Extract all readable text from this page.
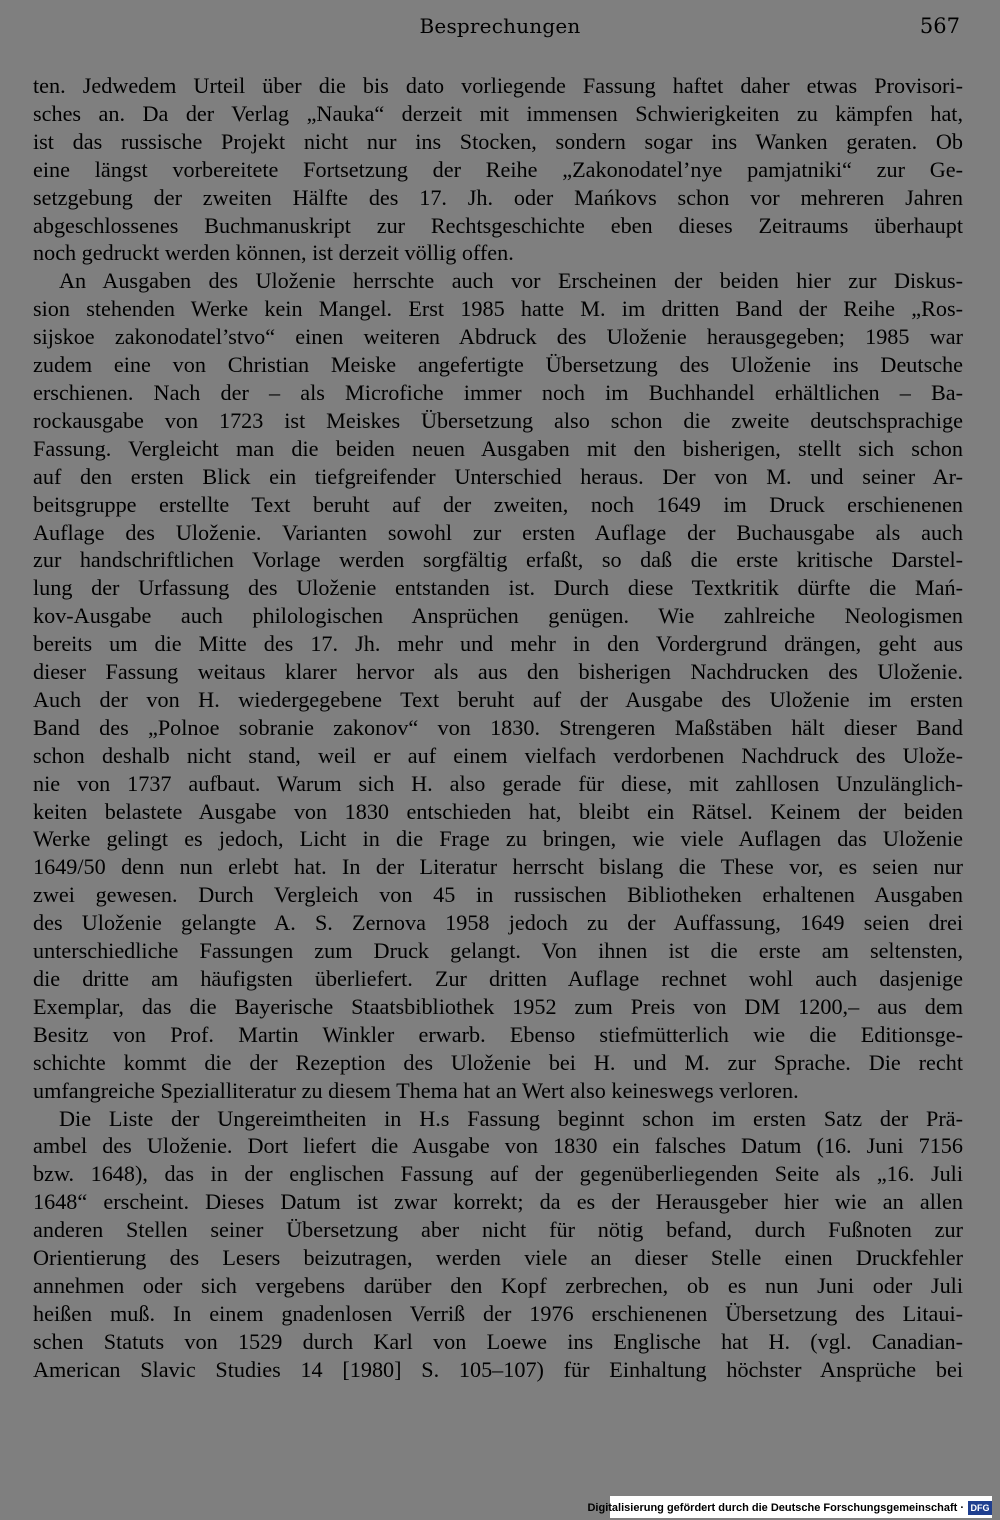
Besprechungen	567
ten. Jedwedem Urteil über die bis dato vorliegende Fassung haftet daher etwas Provisori-
sches an. Da der Verlag „Nauka“ derzeit mit immensen Schwierigkeiten zu kämpfen hat,
ist das russische Projekt nicht nur ins Stocken, sondern sogar ins Wanken geraten. Ob
eine längst vorbereitete Fortsetzung der Reihe „Zakonodatel’nye pamjatniki“ zur Ge-
setzgebung der zweiten Hälfte des 17. Jh. oder Mańkovs schon vor mehreren Jahren
abgeschlossenes Buchmanuskript zur Rechtsgeschichte eben dieses Zeitraums überhaupt
noch gedruckt werden können, ist derzeit völlig offen.
An Ausgaben des Uloženie herrschte auch vor Erscheinen der beiden hier zur Diskus-
sion stehenden Werke kein Mangel. Erst 1985 hatte M. im dritten Band der Reihe „Ros-
sijskoe zakonodatel’stvo“ einen weiteren Abdruck des Uloženie herausgegeben; 1985 war
zudem eine von Christian Meiske angefertigte Übersetzung des Uloženie ins Deutsche
erschienen. Nach der – als Microfiche immer noch im Buchhandel erhältlichen – Ba-
rockausgabe von 1723 ist Meiskes Übersetzung also schon die zweite deutschsprachige
Fassung. Vergleicht man die beiden neuen Ausgaben mit den bisherigen, stellt sich schon
auf den ersten Blick ein tiefgreifender Unterschied heraus. Der von M. und seiner Ar-
beitsgruppe erstellte Text beruht auf der zweiten, noch 1649 im Druck erschienenen
Auflage des Uloženie. Varianten sowohl zur ersten Auflage der Buchausgabe als auch
zur handschriftlichen Vorlage werden sorgfältig erfaßt, so daß die erste kritische Darstel-
lung der Urfassung des Uloženie entstanden ist. Durch diese Textkritik dürfte die Mań-
kov-Ausgabe auch philologischen Ansprüchen genügen. Wie zahlreiche Neologismen
bereits um die Mitte des 17. Jh. mehr und mehr in den Vordergrund drängen, geht aus
dieser Fassung weitaus klarer hervor als aus den bisherigen Nachdrucken des Uloženie.
Auch der von H. wiedergegebene Text beruht auf der Ausgabe des Uloženie im ersten
Band des „Polnoe sobranie zakonov“ von 1830. Strengeren Maßstäben hält dieser Band
schon deshalb nicht stand, weil er auf einem vielfach verdorbenen Nachdruck des Ulože-
nie von 1737 aufbaut. Warum sich H. also gerade für diese, mit zahllosen Unzulänglich-
keiten belastete Ausgabe von 1830 entschieden hat, bleibt ein Rätsel. Keinem der beiden
Werke gelingt es jedoch, Licht in die Frage zu bringen, wie viele Auflagen das Uloženie
1649/50 denn nun erlebt hat. In der Literatur herrscht bislang die These vor, es seien nur
zwei gewesen. Durch Vergleich von 45 in russischen Bibliotheken erhaltenen Ausgaben
des Uloženie gelangte A. S. Zernova 1958 jedoch zu der Auffassung, 1649 seien drei
unterschiedliche Fassungen zum Druck gelangt. Von ihnen ist die erste am seltensten,
die dritte am häufigsten überliefert. Zur dritten Auflage rechnet wohl auch dasjenige
Exemplar, das die Bayerische Staatsbibliothek 1952 zum Preis von DM 1200,– aus dem
Besitz von Prof. Martin Winkler erwarb. Ebenso stiefmütterlich wie die Editionsge-
schichte kommt die der Rezeption des Uloženie bei H. und M. zur Sprache. Die recht
umfangreiche Spezialliteratur zu diesem Thema hat an Wert also keineswegs verloren.
Die Liste der Ungereimtheiten in H.s Fassung beginnt schon im ersten Satz der Prä-
ambel des Uloženie. Dort liefert die Ausgabe von 1830 ein falsches Datum (16. Juni 7156
bzw. 1648), das in der englischen Fassung auf der gegenüberliegenden Seite als „16. Juli
1648“ erscheint. Dieses Datum ist zwar korrekt; da es der Herausgeber hier wie an allen
anderen Stellen seiner Übersetzung aber nicht für nötig befand, durch Fußnoten zur
Orientierung des Lesers beizutragen, werden viele an dieser Stelle einen Druckfehler
annehmen oder sich vergebens darüber den Kopf zerbrechen, ob es nun Juni oder Juli
heißen muß. In einem gnadenlosen Verriß der 1976 erschienenen Übersetzung des Litaui-
schen Statuts von 1529 durch Karl von Loewe ins Englische hat H. (vgl. Canadian-
American Slavic Studies 14 [1980] S. 105–107) für Einhaltung höchster Ansprüche bei
Digitalisierung gefördert durch die Deutsche Forschungsgemeinschaft · DFG
